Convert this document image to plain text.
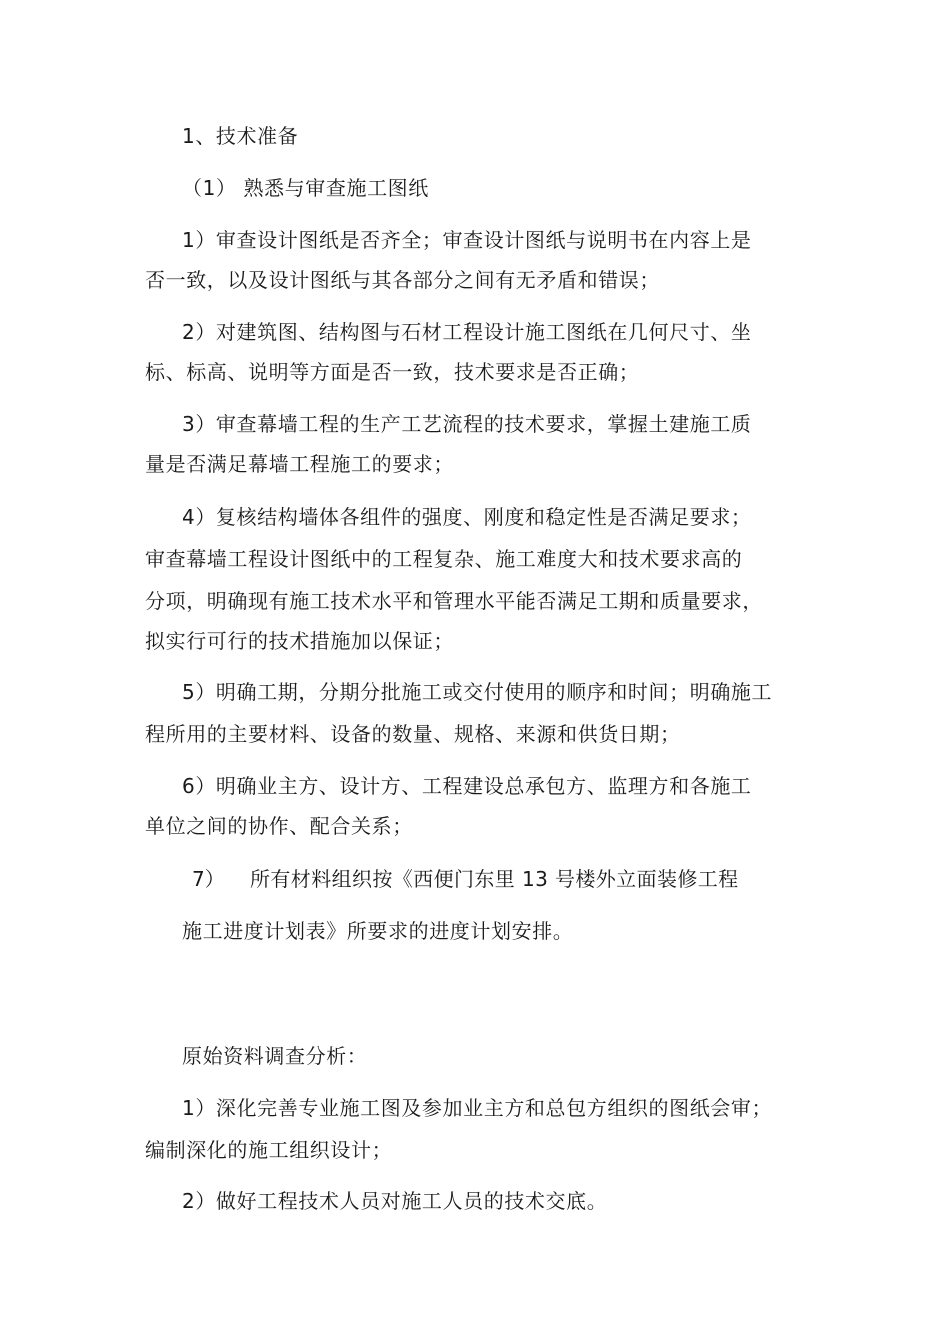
1、技术准备
（1） 熟悉与审查施工图纸
1）审查设计图纸是否齐全；审查设计图纸与说明书在内容上是
否一致，以及设计图纸与其各部分之间有无矛盾和错误；
2）对建筑图、结构图与石材工程设计施工图纸在几何尺寸、坐
标、标高、说明等方面是否一致，技术要求是否正确；
3）审查幕墙工程的生产工艺流程的技术要求，掌握土建施工质
量是否满足幕墙工程施工的要求；
4）复核结构墙体各组件的强度、刚度和稳定性是否满足要求；
审查幕墙工程设计图纸中的工程复杂、施工难度大和技术要求高的
分项，明确现有施工技术水平和管理水平能否满足工期和质量要求，
拟实行可行的技术措施加以保证；
5）明确工期，分期分批施工或交付使用的顺序和时间；明确施工
程所用的主要材料、设备的数量、规格、来源和供货日期；
6）明确业主方、设计方、工程建设总承包方、监理方和各施工
单位之间的协作、配合关系；
7） 所有材料组织按《西便门东里 13 号楼外立面装修工程
施工进度计划表》所要求的进度计划安排。
原始资料调查分析：
1）深化完善专业施工图及参加业主方和总包方组织的图纸会审；
编制深化的施工组织设计；
2）做好工程技术人员对施工人员的技术交底。
